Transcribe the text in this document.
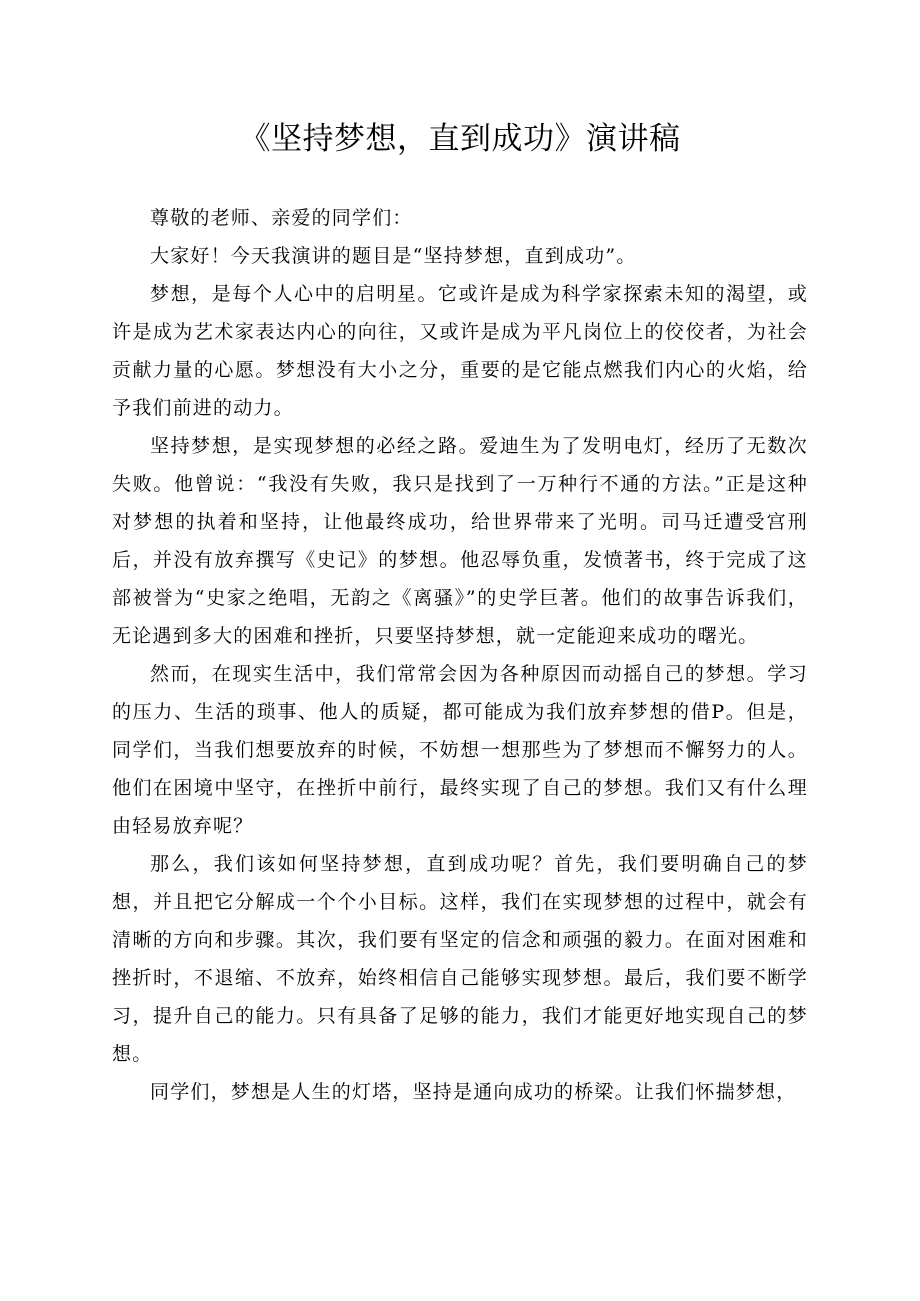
《坚持梦想，直到成功》演讲稿

尊敬的老师、亲爱的同学们：

大家好！今天我演讲的题目是“坚持梦想，直到成功”。

梦想，是每个人心中的启明星。它或许是成为科学家探索未知的渴望，或许是成为艺术家表达内心的向往，又或许是成为平凡岗位上的佼佼者，为社会贡献力量的心愿。梦想没有大小之分，重要的是它能点燃我们内心的火焰，给予我们前进的动力。

坚持梦想，是实现梦想的必经之路。爱迪生为了发明电灯，经历了无数次失败。他曾说：“我没有失败，我只是找到了一万种行不通的方法。”正是这种对梦想的执着和坚持，让他最终成功，给世界带来了光明。司马迁遭受宫刑后，并没有放弃撰写《史记》的梦想。他忍辱负重，发愤著书，终于完成了这部被誉为“史家之绝唱，无韵之《离骚》”的史学巨著。他们的故事告诉我们，无论遇到多大的困难和挫折，只要坚持梦想，就一定能迎来成功的曙光。

然而，在现实生活中，我们常常会因为各种原因而动摇自己的梦想。学习的压力、生活的琐事、他人的质疑，都可能成为我们放弃梦想的借P。但是，同学们，当我们想要放弃的时候，不妨想一想那些为了梦想而不懈努力的人。他们在困境中坚守，在挫折中前行，最终实现了自己的梦想。我们又有什么理由轻易放弃呢？

那么，我们该如何坚持梦想，直到成功呢？首先，我们要明确自己的梦想，并且把它分解成一个个小目标。这样，我们在实现梦想的过程中，就会有清晰的方向和步骤。其次，我们要有坚定的信念和顽强的毅力。在面对困难和挫折时，不退缩、不放弃，始终相信自己能够实现梦想。最后，我们要不断学习，提升自己的能力。只有具备了足够的能力，我们才能更好地实现自己的梦想。

同学们，梦想是人生的灯塔，坚持是通向成功的桥梁。让我们怀揣梦想，
